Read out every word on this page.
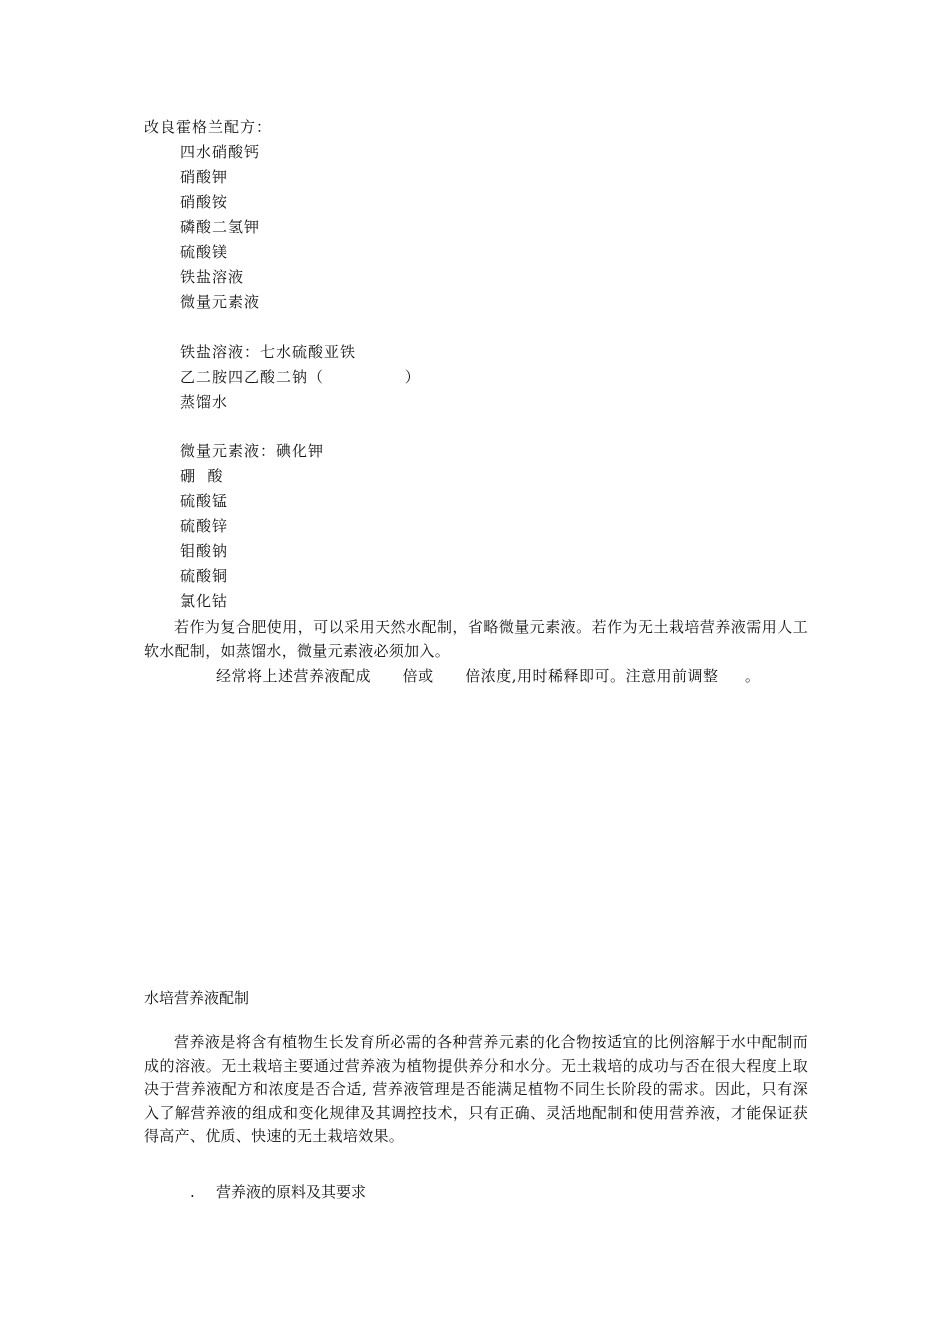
改良霍格兰配方：
四水硝酸钙
硝酸钾
硝酸铵
磷酸二氢钾
硫酸镁
铁盐溶液
微量元素液
铁盐溶液：七水硫酸亚铁
乙二胺四乙酸二钠（              ）
蒸馏水
微量元素液：碘化钾
硼  酸
硫酸锰
硫酸锌
钼酸钠
硫酸铜
氯化钴
若作为复合肥使用，可以采用天然水配制，省略微量元素液。若作为无土栽培营养液需用人工软水配制，如蒸馏水，微量元素液必须加入。
经常将上述营养液配成      倍或      倍浓度,用时稀释即可。注意用前调整     。
水培营养液配制
营养液是将含有植物生长发育所必需的各种营养元素的化合物按适宜的比例溶解于水中配制而成的溶液。无土栽培主要通过营养液为植物提供养分和水分。无土栽培的成功与否在很大程度上取决于营养液配方和浓度是否合适, 营养液管理是否能满足植物不同生长阶段的需求。因此，只有深入了解营养液的组成和变化规律及其调控技术，只有正确、灵活地配制和使用营养液，才能保证获得高产、优质、快速的无土栽培效果。
. 营养液的原料及其要求
